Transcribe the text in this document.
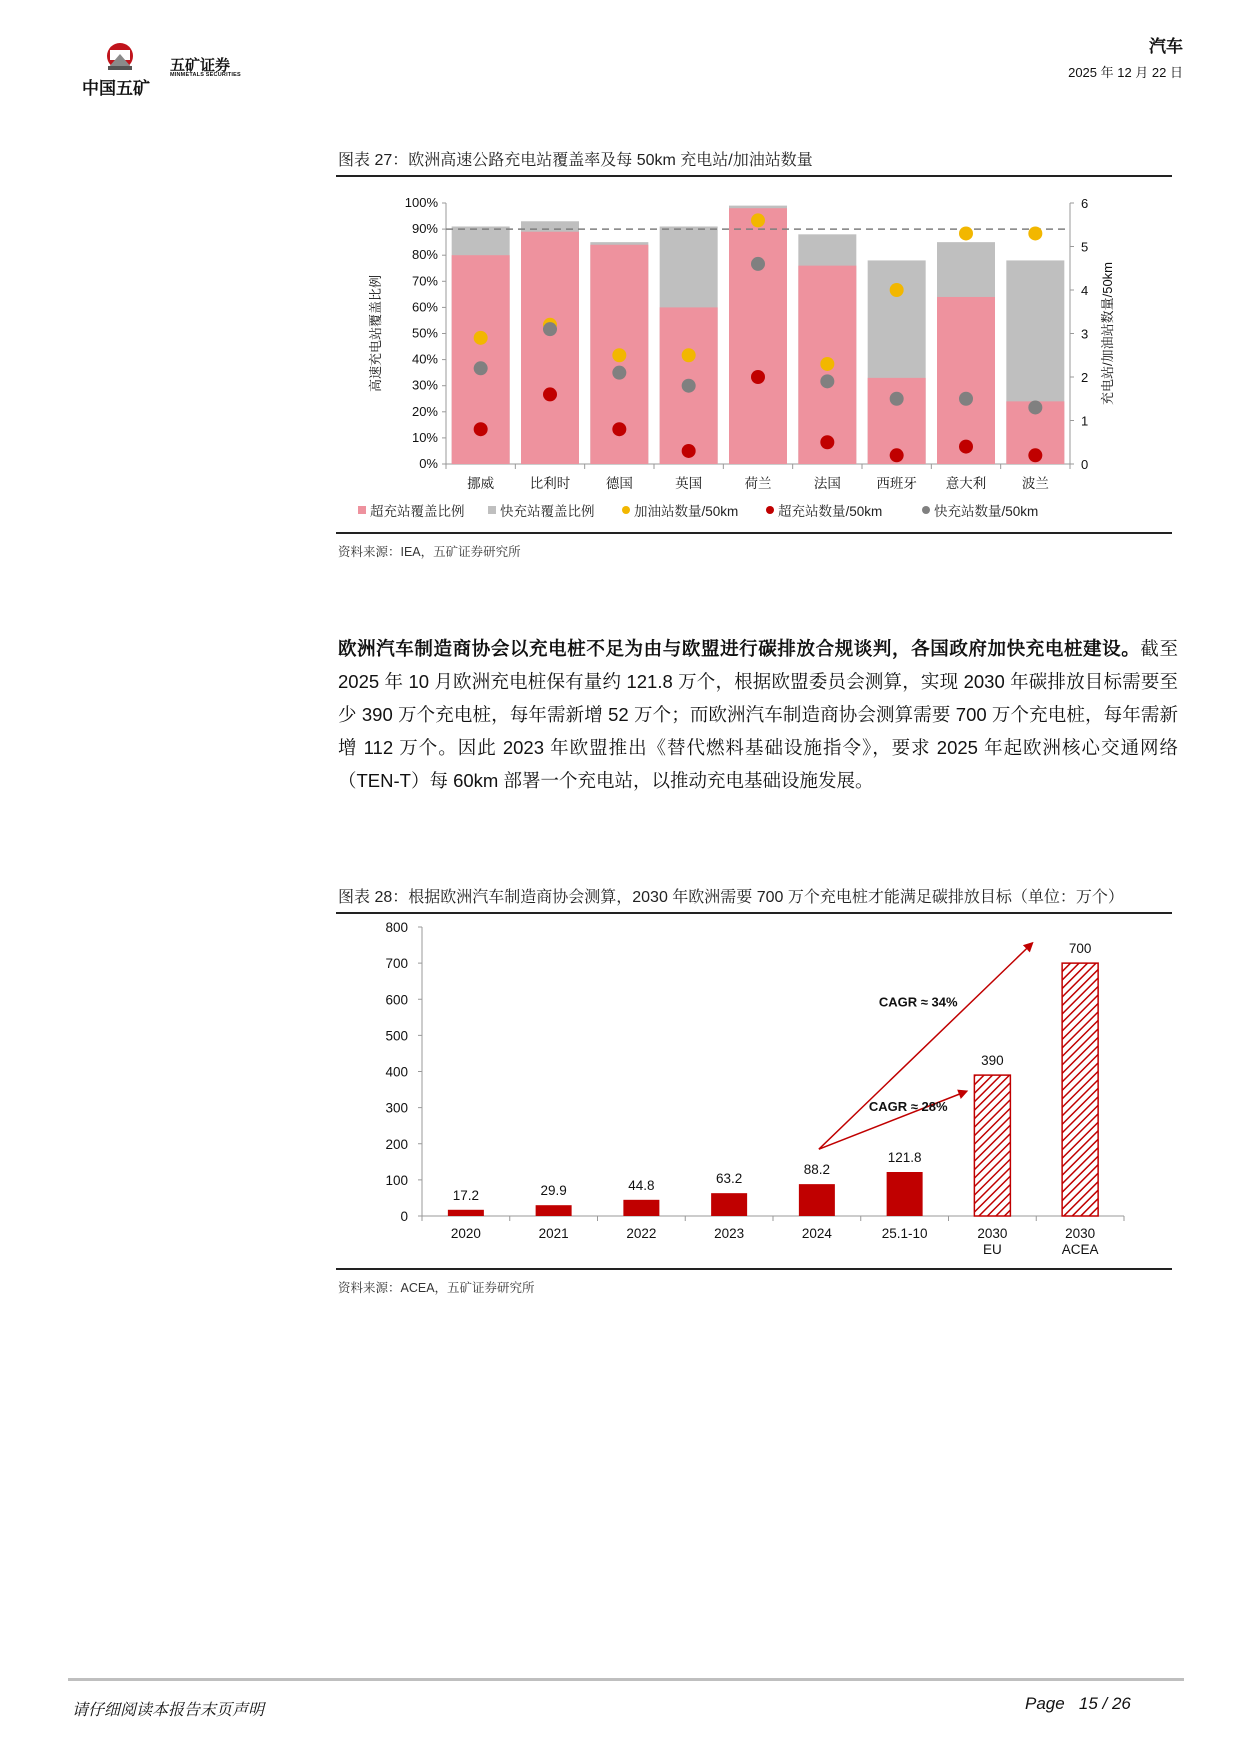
中国五矿
五矿证券
MINMETALS SECURITIES
汽车
2025 年 12 月 22 日
图表 27：欧洲高速公路充电站覆盖率及每 50km 充电站/加油站数量
0%
10%
20%
30%
40%
50%
60%
70%
80%
90%
100%
0
1
2
3
4
5
6
高速充电站覆盖比例	充电站/加油站数量/50km
挪威	比利时	德国	英国	荷兰	法国	西班牙 意大利	波兰
超充站覆盖比例	快充站覆盖比例	加油站数量/50km	超充站数量/50km	快充站数量/50km
资料来源：IEA，五矿证券研究所
欧洲汽车制造商协会以充电桩不足为由与欧盟进行碳排放合规谈判，各国政府加快充电桩建设。截至 2025 年 10 月欧洲充电桩保有量约 121.8 万个，根据欧盟委员会测算，实现 2030 年碳排放目标需要至少 390 万个充电桩，每年需新增 52 万个；而欧洲汽车制造商协会测算需要 700 万个充电桩，每年需新增 112 万个。因此 2023 年欧盟推出《替代燃料基础设施指令》，要求 2025 年起欧洲核心交通网络（TEN-T）每 60km 部署一个充电站，以推动充电基础设施发展。
图表 28：根据欧洲汽车制造商协会测算，2030 年欧洲需要 700 万个充电桩才能满足碳排放目标（单位：万个）
0
100
200
300
400
500
600
700
800
17.2
2020
29.9
2021
44.8
2022
63.2
2023
88.2
2024
121.8
25.1-10
390
2030
EU
700
2030
ACEA
CAGR ≈ 34%
CAGR ≈ 28%
资料来源：ACEA，五矿证券研究所
请仔细阅读本报告末页声明	Page 15 / 26
